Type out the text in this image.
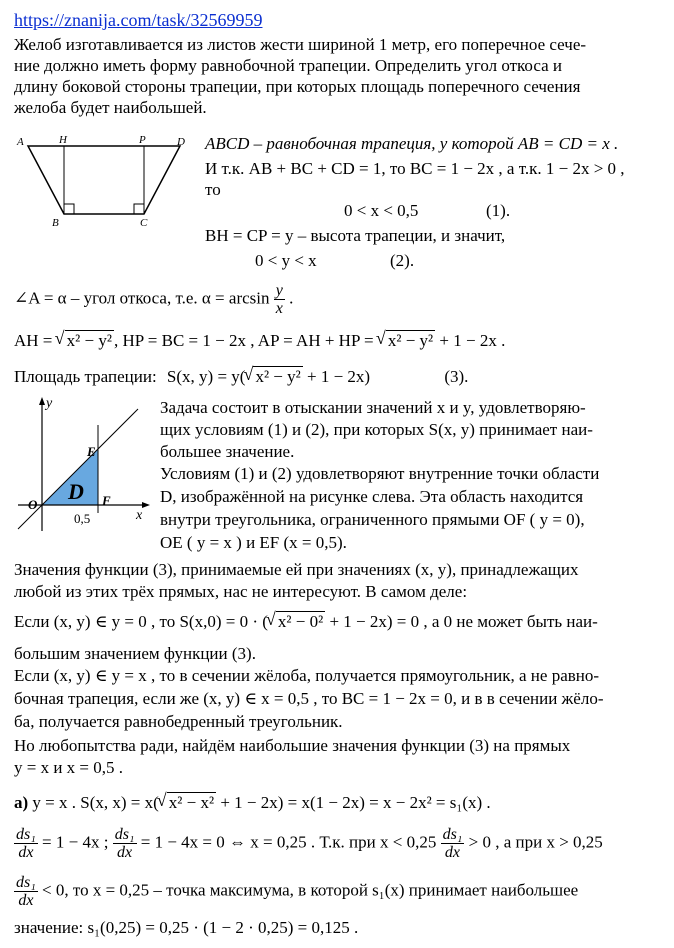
https://znanija.com/task/32569959
Желоб изготавливается из листов жести шириной 1 метр, его поперечное сече-
ние должно иметь форму равнобочной трапеции. Определить угол откоса и
длину боковой стороны трапеции, при которых площадь поперечного сечения
желоба будет наибольшей.
A	H	P	D
B	C
ABCD – равнобочная трапеция, у которой AB = CD = x .
И т.к. AB + BC + CD = 1, то BC = 1 − 2x , а т.к. 1 − 2x > 0 ,
то
0 < x < 0,5	(1).
BH = CP = y – высота трапеции, и значит,
0 < y < x	(2).
∠A = α – угол откоса, т.е. $\alpha = \arcsin \frac{y}{x}$ .
AH = √ x² − y² , HP = BC = 1 − 2x , AP = AH + HP = √ x² − y² + 1 − 2x .
Площадь трапеции: S(x, y) = y( √ x² − y² + 1 − 2x)	(3).
y
x
O
E
F
D
0,5
Задача состоит в отыскании значений x и y, удовлетворяю-
щих условиям (1) и (2), при которых S(x, y) принимает наи-
большее значение.
Условиям (1) и (2) удовлетворяют внутренние точки области
D, изображённой на рисунке слева. Эта область находится
внутри треугольника, ограниченного прямыми OF ( y = 0),
OE ( y = x ) и EF (x = 0,5).
Значения функции (3), принимаемые ей при значениях (x, y), принадлежащих
любой из этих трёх прямых, нас не интересуют. В самом деле:
Если (x, y) ∈ y = 0 , то S(x,0) = 0 · ( √ x² − 0² + 1 − 2x) = 0 , а 0 не может быть наи-
большим значением функции (3).
Если (x, y) ∈ y = x , то в сечении жёлоба, получается прямоугольник, а не равно-
бочная трапеция, если же (x, y) ∈ x = 0,5 , то BC = 1 − 2x = 0, и в в сечении жёло-
ба, получается равнобедренный треугольник.
Но любопытства ради, найдём наибольшие значения функции (3) на прямых
y = x и x = 0,5 .
а) y = x . S(x, x) = x( √ x² − x² + 1 − 2x) = x(1 − 2x) = x − 2x² = s₁(x) .
$\frac{\text{ds₁}}{dx} = 1 - 4x$ ; $\frac{\text{ds₁}}{dx} = 1 - 4x = 0$ ⇔ x = 0,25 . Т.к. при $x < 0,25 \frac{\text{ds₁}}{dx} > 0$ , а при x > 0,25
$\frac{\text{ds₁}}{dx} < 0$, то x = 0,25 – точка максимума, в которой s₁(x) принимает наибольшее
значение: s₁(0,25) = 0,25 · (1 − 2 · 0,25) = 0,125 .
